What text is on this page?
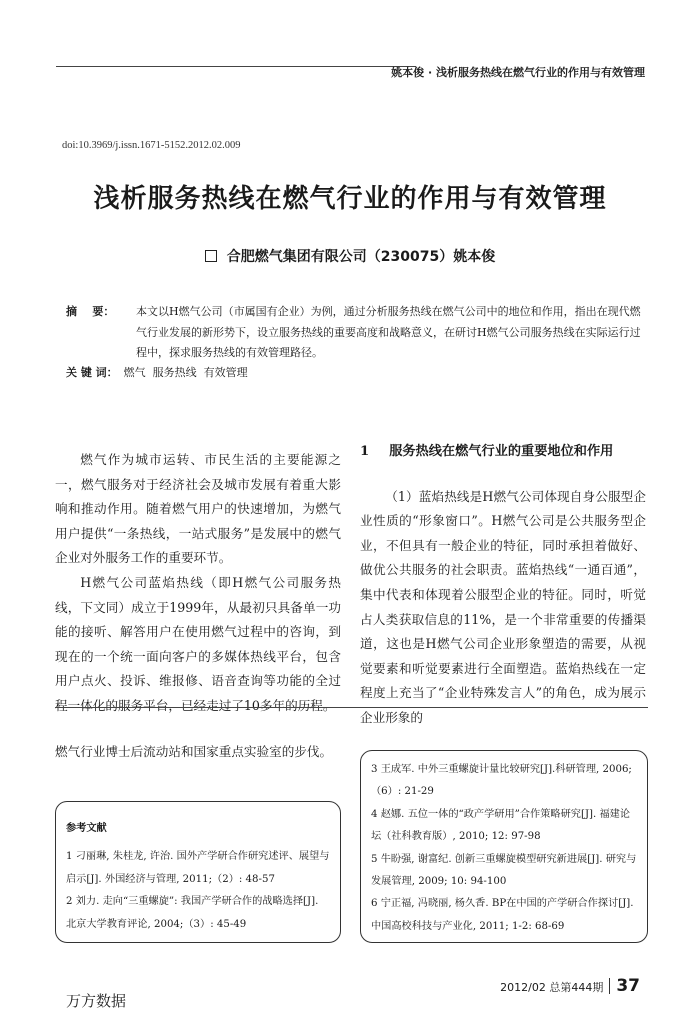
姚本俊 · 浅析服务热线在燃气行业的作用与有效管理
doi:10.3969/j.issn.1671-5152.2012.02.009
浅析服务热线在燃气行业的作用与有效管理
合肥燃气集团有限公司（230075）姚本俊
摘    要： 本文以H燃气公司（市属国有企业）为例，通过分析服务热线在燃气公司中的地位和作用，指出在现代燃气行业发展的新形势下，设立服务热线的重要高度和战略意义，在研讨H燃气公司服务热线在实际运行过程中，探求服务热线的有效管理路径。
关 键 词： 燃气  服务热线  有效管理

燃气作为城市运转、市民生活的主要能源之一，燃气服务对于经济社会及城市发展有着重大影响和推动作用。随着燃气用户的快速增加，为燃气用户提供“一条热线，一站式服务”是发展中的燃气企业对外服务工作的重要环节。

H燃气公司蓝焰热线（即H燃气公司服务热线，下文同）成立于1999年，从最初只具备单一功能的接听、解答用户在使用燃气过程中的咨询，到现在的一个统一面向客户的多媒体热线平台，包含用户点火、投诉、维报修、语音查询等功能的全过程一体化的服务平台，已经走过了10多年的历程。

1 服务热线在燃气行业的重要地位和作用

（1）蓝焰热线是H燃气公司体现自身公服型企业性质的“形象窗口”。H燃气公司是公共服务型企业，不但具有一般企业的特征，同时承担着做好、做优公共服务的社会职责。蓝焰热线“一通百通”，集中代表和体现着公服型企业的特征。同时，听觉占人类获取信息的11%，是一个非常重要的传播渠道，这也是H燃气公司企业形象塑造的需要，从视觉要素和听觉要素进行全面塑造。蓝焰热线在一定程度上充当了“企业特殊发言人”的角色，成为展示企业形象的

燃气行业博士后流动站和国家重点实验室的步伐。

参考文献

1 刁丽琳, 朱桂龙, 许治. 国外产学研合作研究述评、展望与启示[J]. 外国经济与管理, 2011;（2）: 48-57

2 刘力. 走向“三重螺旋”: 我国产学研合作的战略选择[J]. 北京大学教育评论, 2004;（3）: 45-49

3 王成军. 中外三重螺旋计量比较研究[J].科研管理, 2006;（6）: 21-29

4 赵娜. 五位一体的“政产学研用”合作策略研究[J]. 福建论坛（社科教育版）, 2010; 12: 97-98

5 牛盼强, 谢富纪. 创新三重螺旋模型研究新进展[J]. 研究与发展管理, 2009; 10: 94-100

6 宁正福, 冯晓丽, 杨久香. BP在中国的产学研合作探讨[J]. 中国高校科技与产业化, 2011; 1-2: 68-69

2012/02 总第444期 37
万方数据
